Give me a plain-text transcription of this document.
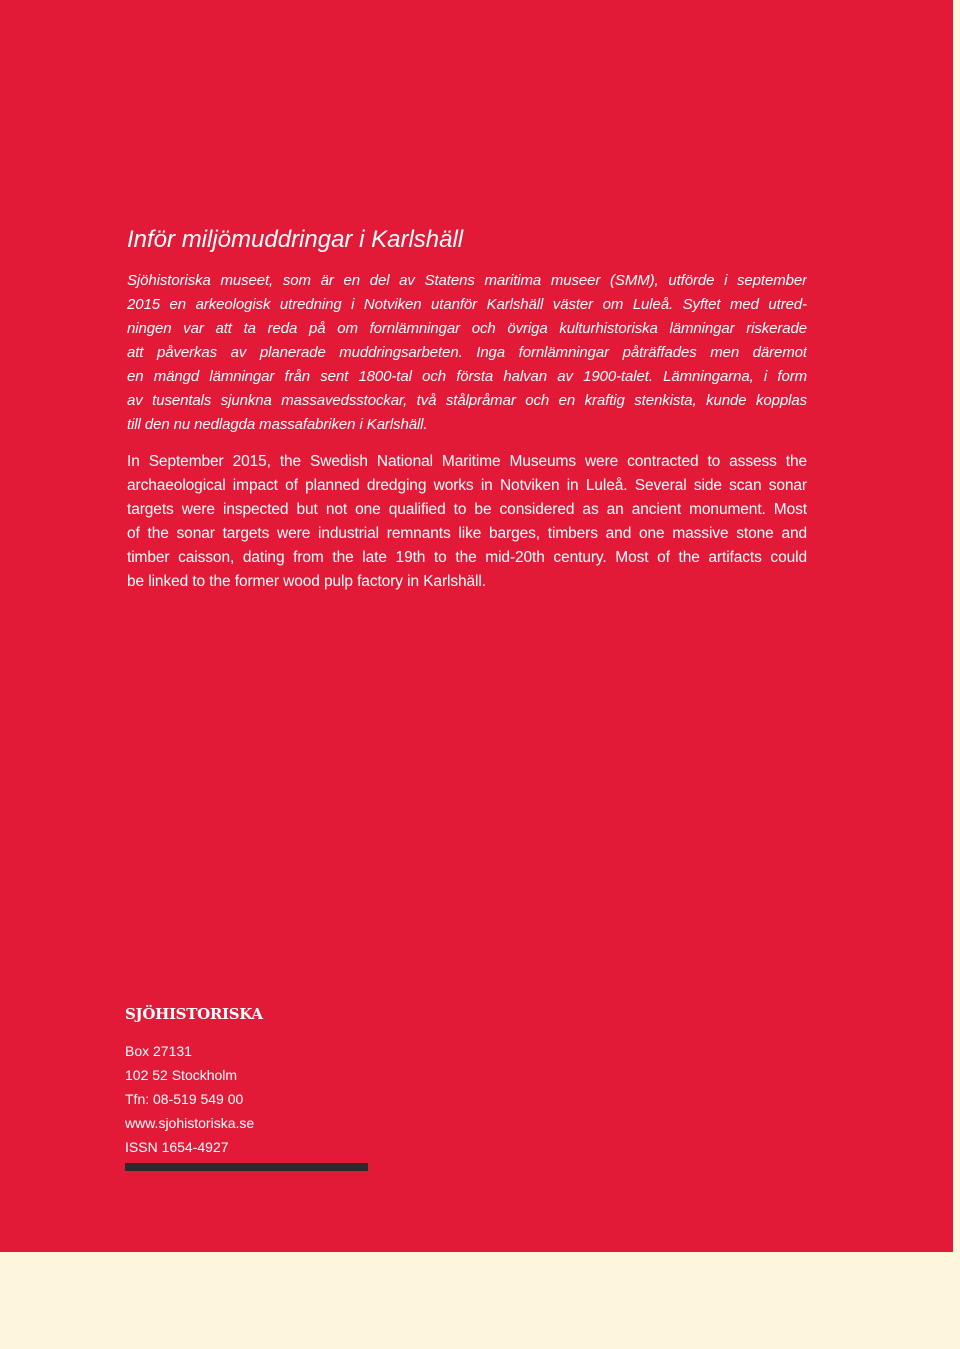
Inför miljömuddringar i Karlshäll
Sjöhistoriska museet, som är en del av Statens maritima museer (SMM), utförde i september
2015 en arkeologisk utredning i Notviken utanför Karlshäll väster om Luleå. Syftet med utred-
ningen var att ta reda på om fornlämningar och övriga kulturhistoriska lämningar riskerade
att påverkas av planerade muddringsarbeten. Inga fornlämningar påträffades men däremot
en mängd lämningar från sent 1800-tal och första halvan av 1900-talet. Lämningarna, i form
av tusentals sjunkna massavedsstockar, två stålpråmar och en kraftig stenkista, kunde kopplas
till den nu nedlagda massafabriken i Karlshäll.
In September 2015, the Swedish National Maritime Museums were contracted to assess the
archaeological impact of planned dredging works in Notviken in Luleå. Several side scan sonar
targets were inspected but not one qualified to be considered as an ancient monument. Most
of the sonar targets were industrial remnants like barges, timbers and one massive stone and
timber caisson, dating from the late 19th to the mid-20th century. Most of the artifacts could
be linked to the former wood pulp factory in Karlshäll.
SJÖHISTORISKA
Box 27131
102 52 Stockholm
Tfn: 08-519 549 00
www.sjohistoriska.se
ISSN 1654-4927
